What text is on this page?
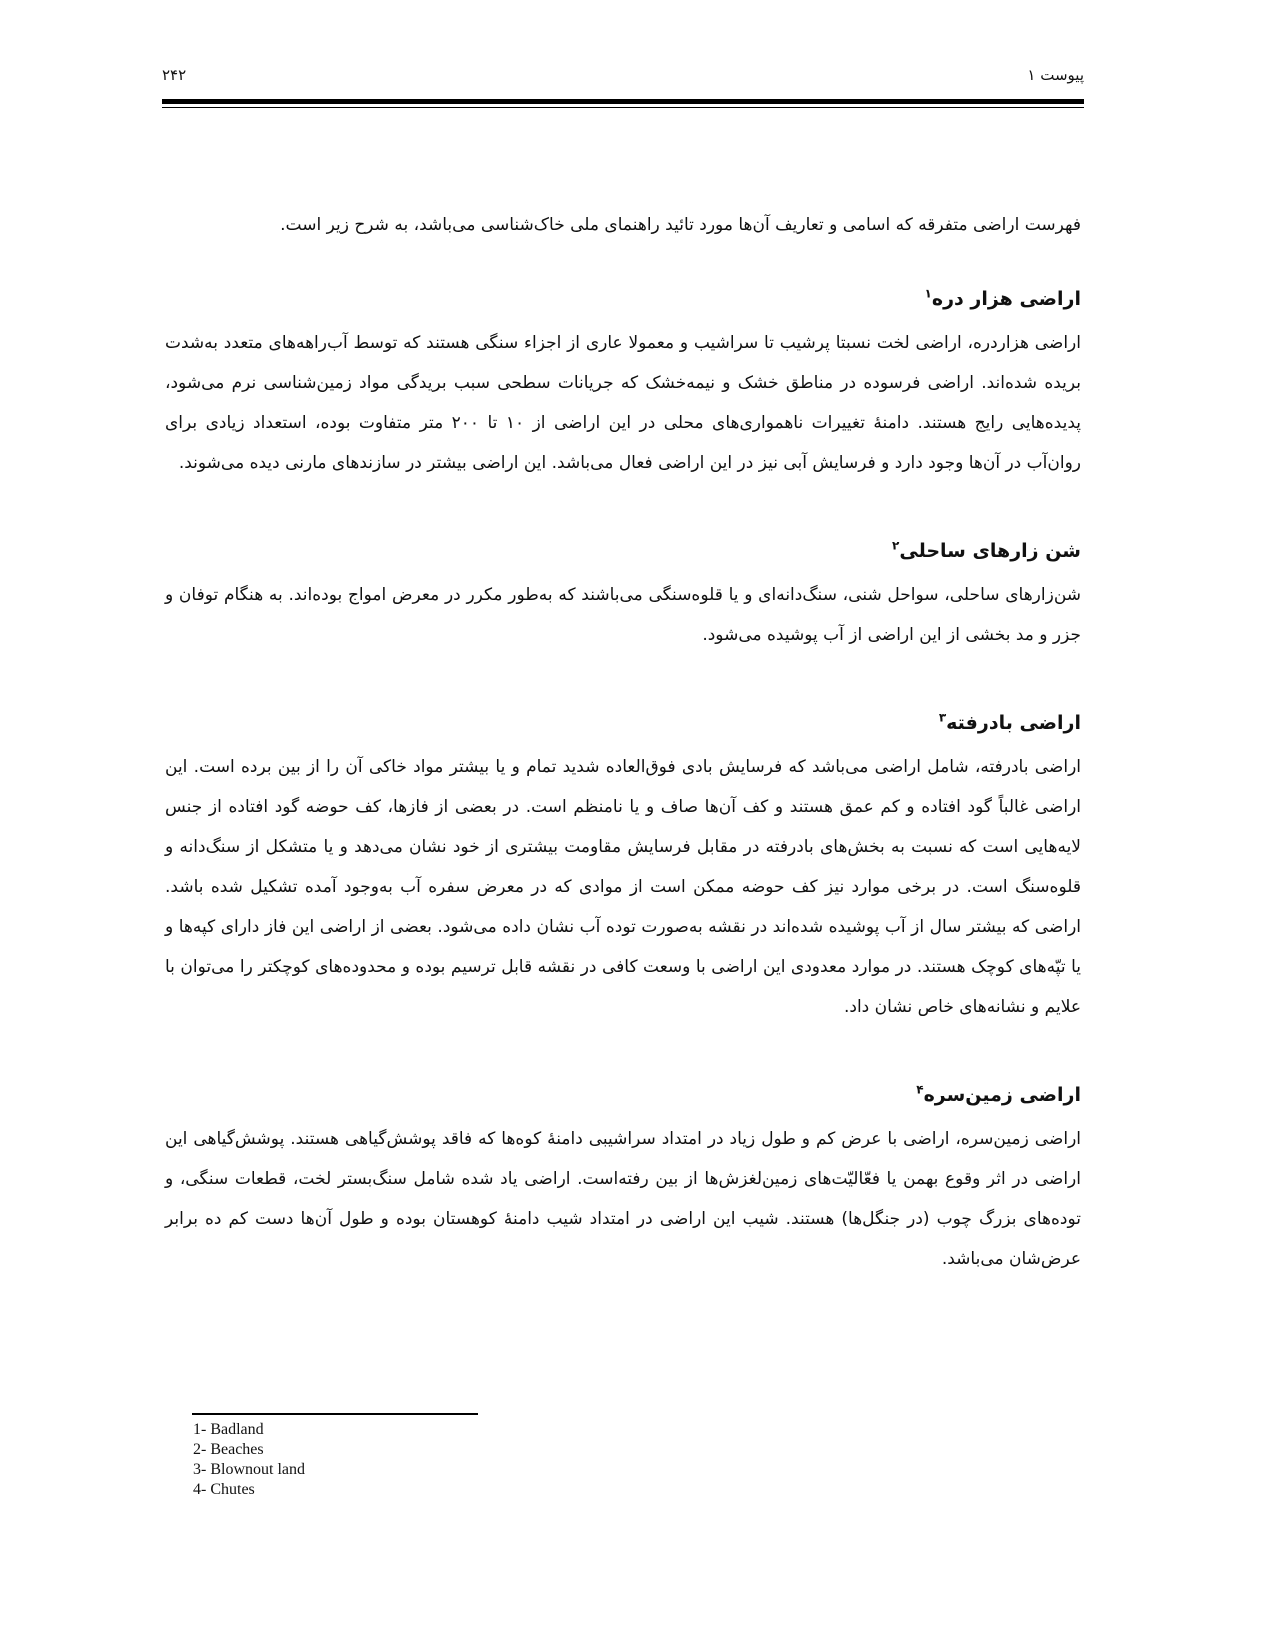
پیوست ۱
۲۴۲

فهرست اراضی متفرقه که اسامی و تعاریف آن‌ها مورد تائید راهنمای ملی خاک‌شناسی می‌باشد، به شرح زیر است.

اراضی هزار دره$^۱$

اراضی هزاردره، اراضی لخت نسبتا پرشیب تا سراشیب و معمولا عاری از اجزاء سنگی هستند که توسط آب‌راهه‌های متعدد به‌شدت بریده شده‌اند. اراضی فرسوده در مناطق خشک و نیمه‌خشک که جریانات سطحی سبب بریدگی مواد زمین‌شناسی نرم می‌شود، پدیده‌هایی رایج هستند. دامنهٔ تغییرات ناهمواری‌های محلی در این اراضی از ۱۰ تا ۲۰۰ متر متفاوت بوده، استعداد زیادی برای روان‌آب در آن‌ها وجود دارد و فرسایش آبی نیز در این اراضی فعال می‌باشد. این اراضی بیشتر در سازندهای مارنی دیده می‌شوند.

شن زارهای ساحلی$^۲$

شن‌زارهای ساحلی، سواحل شنی، سنگ‌دانه‌ای و یا قلوه‌سنگی می‌باشند که به‌طور مکرر در معرض امواج بوده‌اند. به هنگام توفان و جزر و مد بخشی از این اراضی از آب پوشیده می‌شود.

اراضی بادرفته$^۳$

اراضی بادرفته، شامل اراضی می‌باشد که فرسایش بادی فوق‌العاده شدید تمام و یا بیشتر مواد خاکی آن را از بین برده است. این اراضی غالباً گود افتاده و کم عمق هستند و کف آن‌ها صاف و یا نامنظم است. در بعضی از فازها، کف حوضه گود افتاده از جنس لایه‌هایی است که نسبت به بخش‌های بادرفته در مقابل فرسایش مقاومت بیشتری از خود نشان می‌دهد و یا متشکل از سنگ‌دانه و قلوه‌سنگ است. در برخی موارد نیز کف حوضه ممکن است از موادی که در معرض سفره آب به‌وجود آمده تشکیل شده باشد. اراضی که بیشتر سال از آب پوشیده شده‌اند در نقشه به‌صورت توده آب نشان داده می‌شود. بعضی از اراضی این فاز دارای کپه‌ها و یا تپّه‌های کوچک هستند. در موارد معدودی این اراضی با وسعت کافی در نقشه قابل ترسیم بوده و محدوده‌های کوچکتر را می‌توان با علایم و نشانه‌های خاص نشان داد.

اراضی زمین‌سره$^۴$

اراضی زمین‌سره، اراضی با عرض کم و طول زیاد در امتداد سراشیبی دامنهٔ کوه‌ها که فاقد پوشش‌گیاهی هستند. پوشش‌گیاهی این اراضی در اثر وقوع بهمن یا فعّالیّت‌های زمین‌لغزش‌ها از بین رفته‌است. اراضی یاد شده شامل سنگ‌بستر لخت، قطعات سنگی، و توده‌های بزرگ چوب (در جنگل‌ها) هستند. شیب این اراضی در امتداد شیب دامنهٔ کوهستان بوده و طول آن‌ها دست کم ده برابر عرض‌شان می‌باشد.

1- Badland
2- Beaches
3- Blownout land
4- Chutes
